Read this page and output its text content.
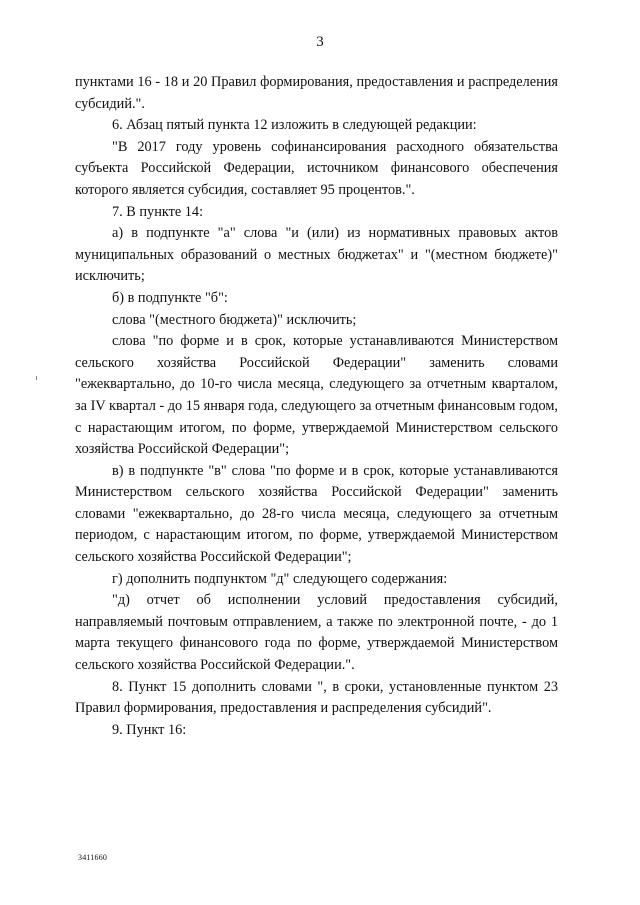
3

пунктами 16 - 18 и 20 Правил формирования, предоставления и распределения субсидий.".

6. Абзац пятый пункта 12 изложить в следующей редакции:

"В 2017 году уровень софинансирования расходного обязательства субъекта Российской Федерации, источником финансового обеспечения которого является субсидия, составляет 95 процентов.".

7. В пункте 14:

а) в подпункте "а" слова "и (или) из нормативных правовых актов муниципальных образований о местных бюджетах" и "(местном бюджете)" исключить;

б) в подпункте "б":

слова "(местного бюджета)" исключить;

слова "по форме и в срок, которые устанавливаются Министерством сельского хозяйства Российской Федерации" заменить словами "ежеквартально, до 10-го числа месяца, следующего за отчетным кварталом, за IV квартал - до 15 января года, следующего за отчетным финансовым годом, с нарастающим итогом, по форме, утверждаемой Министерством сельского хозяйства Российской Федерации";

в) в подпункте "в" слова "по форме и в срок, которые устанавливаются Министерством сельского хозяйства Российской Федерации" заменить словами "ежеквартально, до 28-го числа месяца, следующего за отчетным периодом, с нарастающим итогом, по форме, утверждаемой Министерством сельского хозяйства Российской Федерации";

г) дополнить подпунктом "д" следующего содержания:

"д) отчет об исполнении условий предоставления субсидий, направляемый почтовым отправлением, а также по электронной почте, - до 1 марта текущего финансового года по форме, утверждаемой Министерством сельского хозяйства Российской Федерации.".

8. Пункт 15 дополнить словами ", в сроки, установленные пунктом 23 Правил формирования, предоставления и распределения субсидий".

9. Пункт 16:

3411660
